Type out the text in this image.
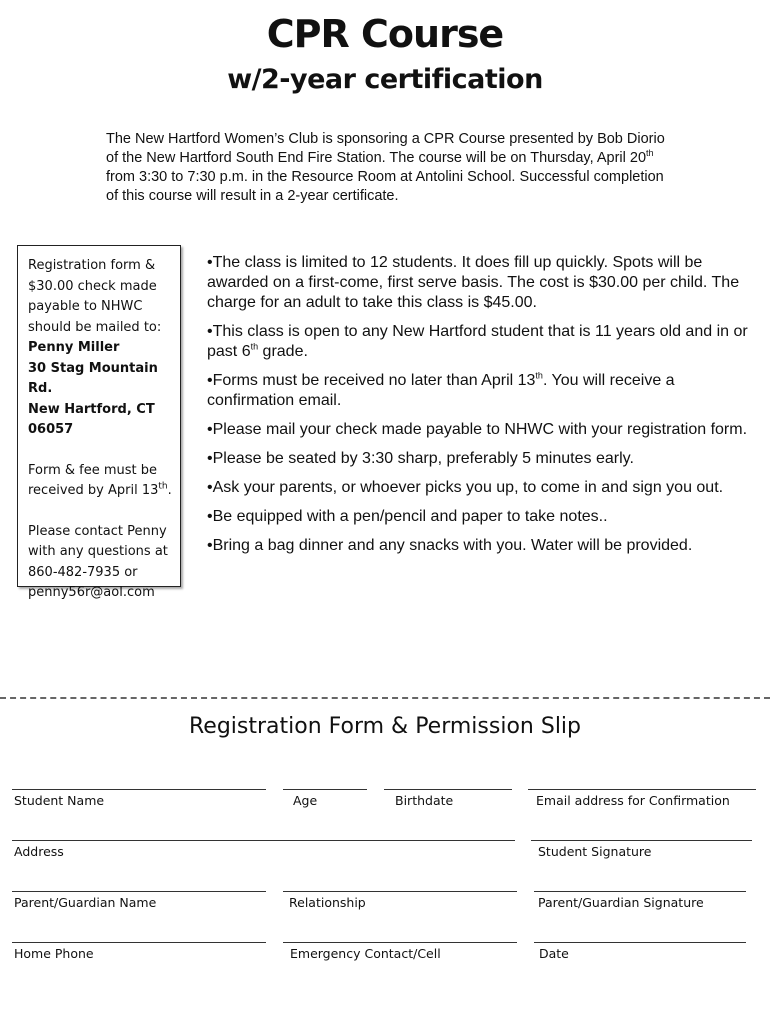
CPR Course
w/2-year certification
The New Hartford Women’s Club is sponsoring a CPR Course presented by Bob Diorio of the New Hartford South End Fire Station. The course will be on Thursday, April 20th from 3:30 to 7:30 p.m. in the Resource Room at Antolini School. Successful completion of this course will result in a 2-year certificate.
Registration form &
$30.00 check made
payable to NHWC
should be mailed to:
Penny Miller
30 Stag Mountain Rd.
New Hartford, CT
06057
Form & fee must be
received by April 13th.
Please contact Penny
with any questions at
860-482-7935 or
penny56r@aol.com
•The class is limited to 12 students. It does fill up quickly. Spots will be awarded on a first-come, first serve basis. The cost is $30.00 per child. The charge for an adult to take this class is $45.00.
•This class is open to any New Hartford student that is 11 years old and in or past 6th grade.
•Forms must be received no later than April 13th. You will receive a confirmation email.
•Please mail your check made payable to NHWC with your registration form.
•Please be seated by 3:30 sharp, preferably 5 minutes early.
•Ask your parents, or whoever picks you up, to come in and sign you out.
•Be equipped with a pen/pencil and paper to take notes..
•Bring a bag dinner and any snacks with you. Water will be provided.
Registration Form & Permission Slip
Student Name	Age	Birthdate	Email address for Confirmation
Address	Student Signature
Parent/Guardian Name	Relationship	Parent/Guardian Signature
Home Phone	Emergency Contact/Cell	Date
